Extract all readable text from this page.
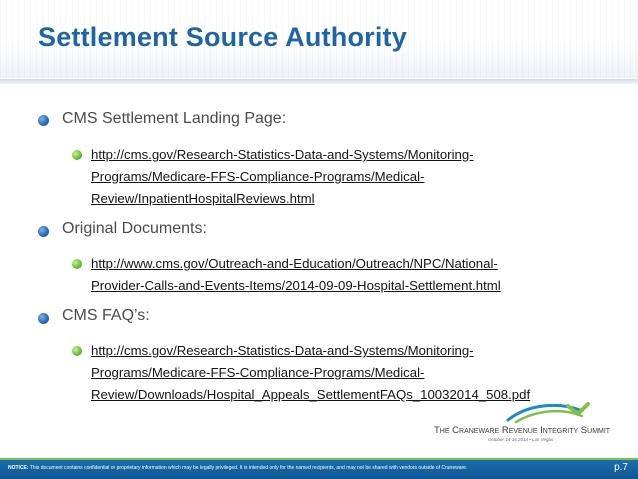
Settlement Source Authority
CMS Settlement Landing Page:
http://cms.gov/Research-Statistics-Data-and-Systems/Monitoring-
Programs/Medicare-FFS-Compliance-Programs/Medical-
Review/InpatientHospitalReviews.html
Original Documents:
http://www.cms.gov/Outreach-and-Education/Outreach/NPC/National-
Provider-Calls-and-Events-Items/2014-09-09-Hospital-Settlement.html
CMS FAQ’s:
http://cms.gov/Research-Statistics-Data-and-Systems/Monitoring-
Programs/Medicare-FFS-Compliance-Programs/Medical-
Review/Downloads/Hospital_Appeals_SettlementFAQs_10032014_508.pdf
The Craneware Revenue Integrity Summit
October 14-16 2014 • Las Vegas
NOTICE: This document contains confidential or proprietary information which may be legally privileged. It is intended only for the named recipients, and may not be shared with vendors outside of Craneware.	p.7
